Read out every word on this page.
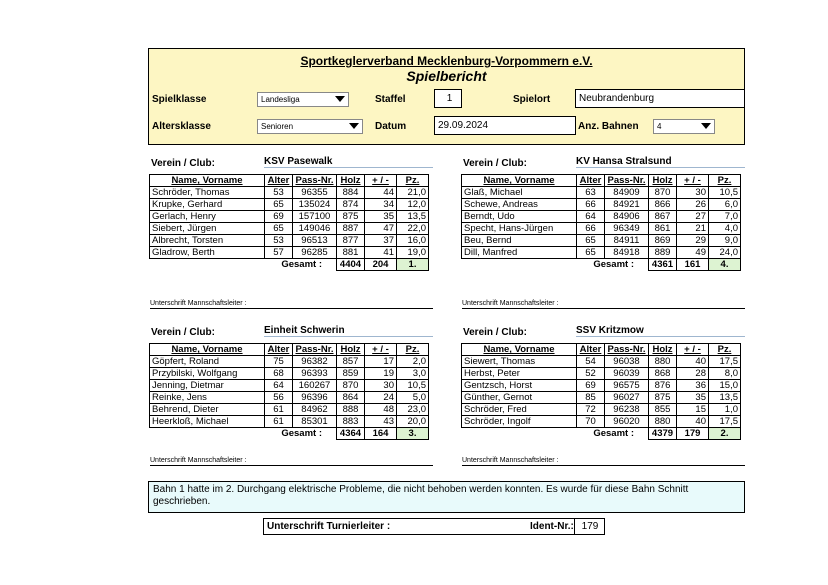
Sportkeglerverband Mecklenburg-Vorpommern e.V.
Spielbericht
Spielklasse	Landesliga	Staffel	1	Spielort	Neubrandenburg
Altersklasse	Senioren	Datum	29.09.2024	Anz. Bahnen	4
Verein / Club:	KSV Pasewalk
Name, Vorname	Alter	Pass-Nr.	Holz	+ / -	Pz.
Schröder, Thomas	53	96355	884	44	21,0
Krupke, Gerhard	65	135024	874	34	12,0
Gerlach, Henry	69	157100	875	35	13,5
Siebert, Jürgen	65	149046	887	47	22,0
Albrecht, Torsten	53	96513	877	37	16,0
Gladrow, Berth	57	96285	881	41	19,0
Gesamt :			4404	204	1.
Unterschrift Mannschaftsleiter :
Verein / Club:	KV Hansa Stralsund
Name, Vorname	Alter	Pass-Nr.	Holz	+ / -	Pz.
Glaß, Michael	63	84909	870	30	10,5
Schewe, Andreas	66	84921	866	26	6,0
Berndt, Udo	64	84906	867	27	7,0
Specht, Hans-Jürgen	66	96349	861	21	4,0
Beu, Bernd	65	84911	869	29	9,0
Dill, Manfred	65	84918	889	49	24,0
Gesamt :			4361	161	4.
Unterschrift Mannschaftsleiter :
Verein / Club:	Einheit Schwerin
Name, Vorname	Alter	Pass-Nr.	Holz	+ / -	Pz.
Göpfert, Roland	75	96382	857	17	2,0
Przybilski, Wolfgang	68	96393	859	19	3,0
Jenning, Dietmar	64	160267	870	30	10,5
Reinke, Jens	56	96396	864	24	5,0
Behrend, Dieter	61	84962	888	48	23,0
Heerkloß, Michael	61	85301	883	43	20,0
Gesamt :			4364	164	3.
Unterschrift Mannschaftsleiter :
Verein / Club:	SSV Kritzmow
Name, Vorname	Alter	Pass-Nr.	Holz	+ / -	Pz.
Siewert, Thomas	54	96038	880	40	17,5
Herbst, Peter	52	96039	868	28	8,0
Gentzsch, Horst	69	96575	876	36	15,0
Günther, Gernot	85	96027	875	35	13,5
Schröder, Fred	72	96238	855	15	1,0
Schröder, Ingolf	70	96020	880	40	17,5
Gesamt :			4379	179	2.
Unterschrift Mannschaftsleiter :
Bahn 1 hatte im 2. Durchgang elektrische Probleme, die nicht behoben werden konnten. Es wurde für diese Bahn Schnitt geschrieben.
Unterschrift Turnierleiter :	Ident-Nr.: 179
